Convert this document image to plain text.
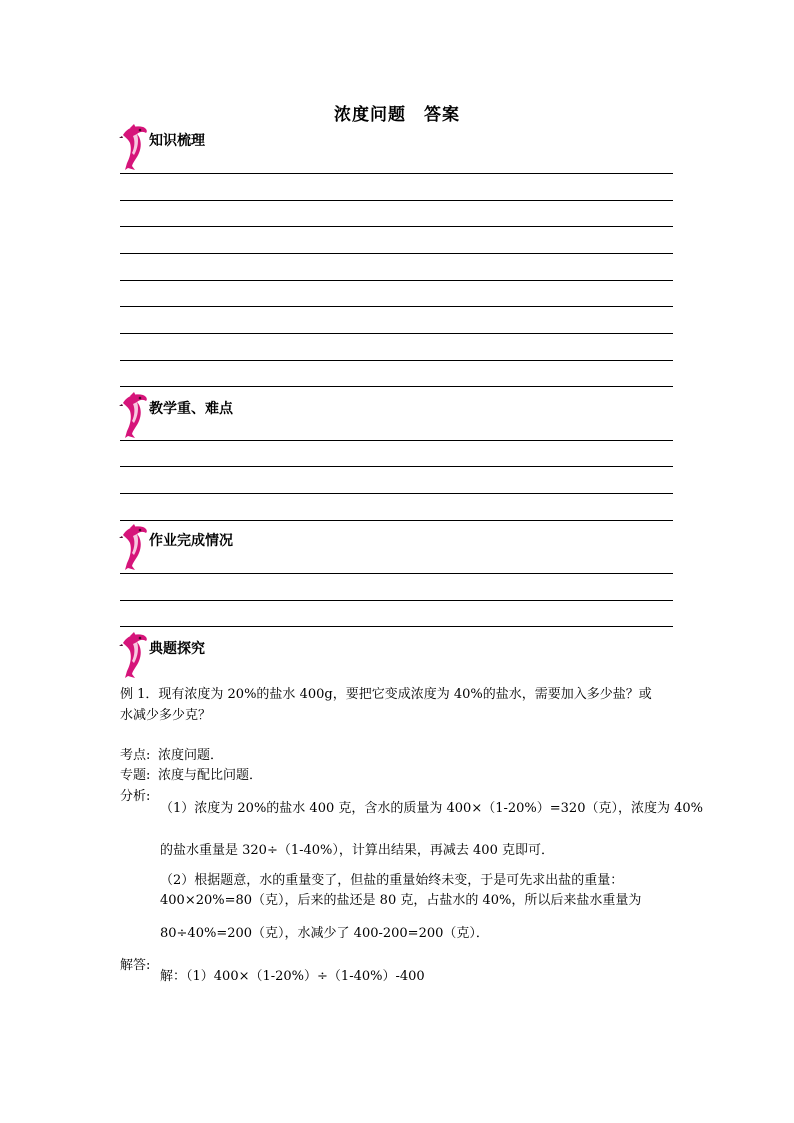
浓度问题　答案
知识梳理
教学重、难点
作业完成情况
典题探究
例 1．现有浓度为 20%的盐水 400g，要把它变成浓度为 40%的盐水，需要加入多少盐？或
水减少多少克？
考点: 浓度问题．
专题: 浓度与配比问题．
分析:
（1）浓度为 20%的盐水 400 克，含水的质量为 400×（1-20%）=320（克），浓度为 40%
的盐水重量是 320÷（1-40%），计算出结果，再减去 400 克即可．
（2）根据题意，水的重量变了，但盐的重量始终未变，于是可先求出盐的重量：
400×20%=80（克），后来的盐还是 80 克，占盐水的 40%，所以后来盐水重量为
80÷40%=200（克），水减少了 400-200=200（克）．
解答:
解：（1）400×（1-20%）÷（1-40%）-400
